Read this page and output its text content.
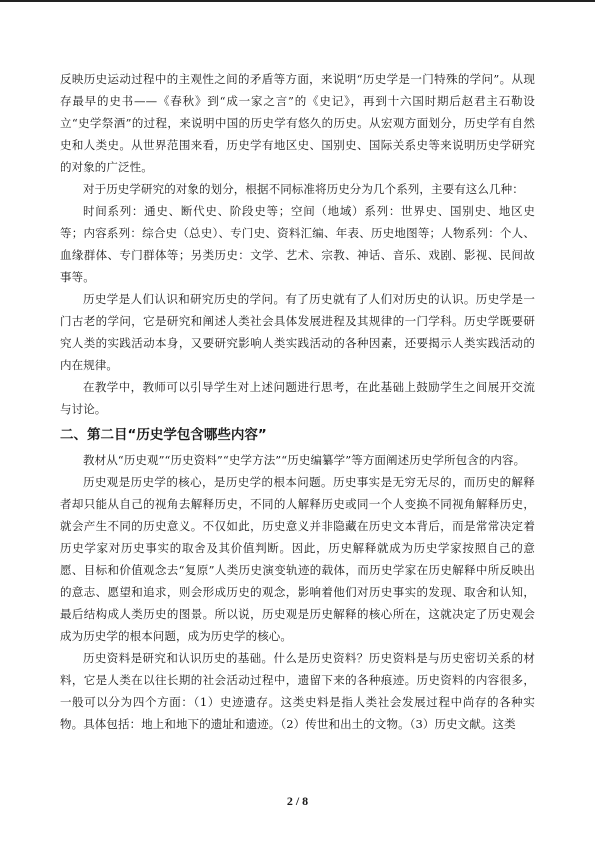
反映历史运动过程中的主观性之间的矛盾等方面，来说明“历史学是一门特殊的学问”。从现存最早的史书——《春秋》到“成一家之言”的《史记》，再到十六国时期后赵君主石勒设立“史学祭酒”的过程，来说明中国的历史学有悠久的历史。从宏观方面划分，历史学有自然史和人类史。从世界范围来看，历史学有地区史、国别史、国际关系史等来说明历史学研究的对象的广泛性。

对于历史学研究的对象的划分，根据不同标准将历史分为几个系列，主要有这么几种：

时间系列：通史、断代史、阶段史等；空间（地域）系列：世界史、国别史、地区史等；内容系列：综合史（总史）、专门史、资料汇编、年表、历史地图等；人物系列：个人、血缘群体、专门群体等；另类历史：文学、艺术、宗教、神话、音乐、戏剧、影视、民间故事等。

历史学是人们认识和研究历史的学问。有了历史就有了人们对历史的认识。历史学是一门古老的学问，它是研究和阐述人类社会具体发展进程及其规律的一门学科。历史学既要研究人类的实践活动本身，又要研究影响人类实践活动的各种因素，还要揭示人类实践活动的内在规律。

在教学中，教师可以引导学生对上述问题进行思考，在此基础上鼓励学生之间展开交流与讨论。

二、第二目“历史学包含哪些内容”

教材从“历史观”“历史资料”“史学方法”“历史编纂学”等方面阐述历史学所包含的内容。

历史观是历史学的核心，是历史学的根本问题。历史事实是无穷无尽的，而历史的解释者却只能从自己的视角去解释历史，不同的人解释历史或同一个人变换不同视角解释历史，就会产生不同的历史意义。不仅如此，历史意义并非隐藏在历史文本背后，而是常常决定着历史学家对历史事实的取舍及其价值判断。因此，历史解释就成为历史学家按照自己的意愿、目标和价值观念去“复原”人类历史演变轨迹的载体，而历史学家在历史解释中所反映出的意志、愿望和追求，则会形成历史的观念，影响着他们对历史事实的发现、取舍和认知，最后结构成人类历史的图景。所以说，历史观是历史解释的核心所在，这就决定了历史观会成为历史学的根本问题，成为历史学的核心。

历史资料是研究和认识历史的基础。什么是历史资料？历史资料是与历史密切关系的材料，它是人类在以往长期的社会活动过程中，遗留下来的各种痕迹。历史资料的内容很多，一般可以分为四个方面：（1）史迹遗存。这类史料是指人类社会发展过程中尚存的各种实物。具体包括：地上和地下的遗址和遗迹。（2）传世和出土的文物。（3）历史文献。这类

2 / 8
